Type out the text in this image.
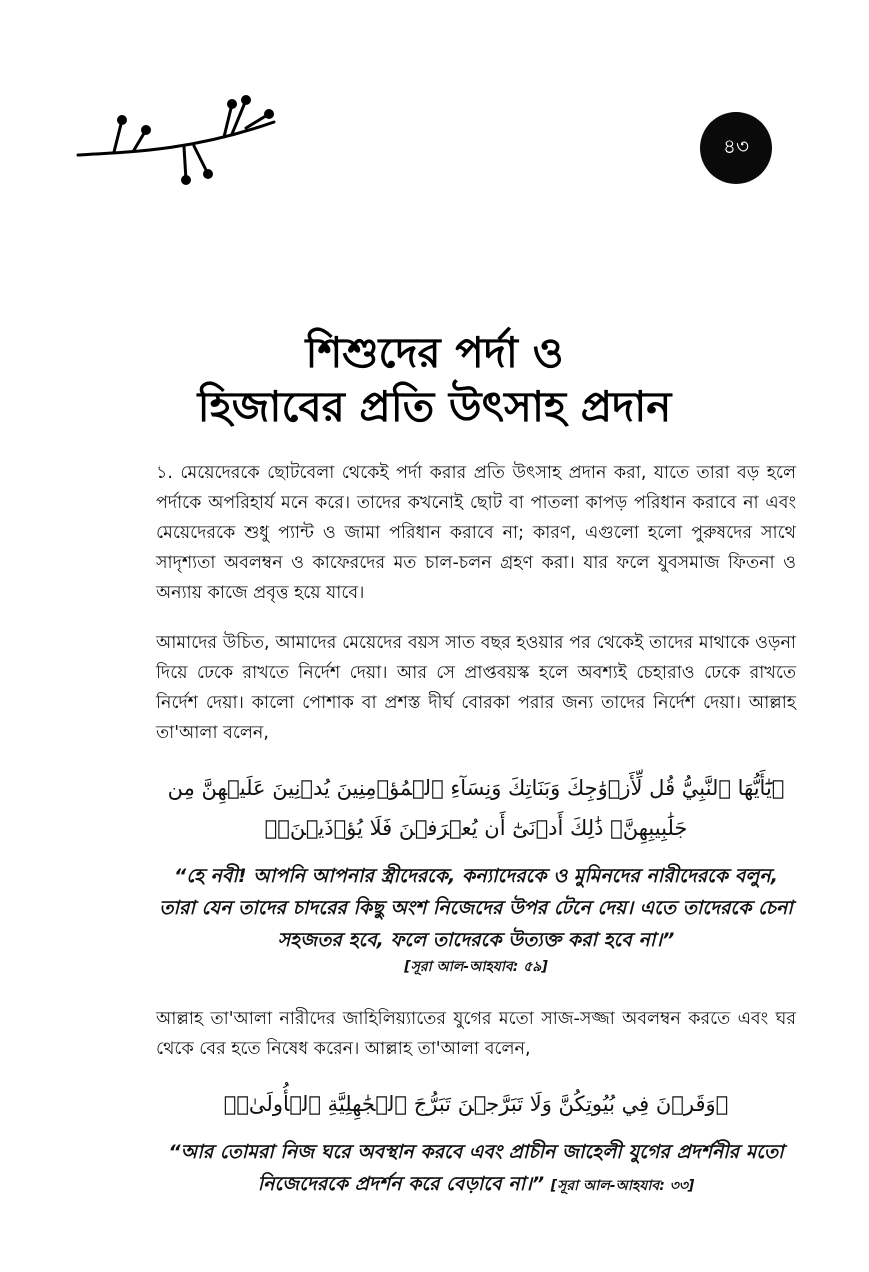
৪৩
শিশুদের পর্দা ও
হিজাবের প্রতি উৎসাহ প্রদান

১. মেয়েদেরকে ছোটবেলা থেকেই পর্দা করার প্রতি উৎসাহ প্রদান করা, যাতে তারা বড় হলে পর্দাকে অপরিহার্য মনে করে। তাদের কখনোই ছোট বা পাতলা কাপড় পরিধান করাবে না এবং মেয়েদেরকে শুধু প্যান্ট ও জামা পরিধান করাবে না; কারণ, এগুলো হলো পুরুষদের সাথে সাদৃশ্যতা অবলম্বন ও কাফেরদের মত চাল-চলন গ্রহণ করা। যার ফলে যুবসমাজ ফিতনা ও অন্যায় কাজে প্রবৃত্ত হয়ে যাবে।

আমাদের উচিত, আমাদের মেয়েদের বয়স সাত বছর হওয়ার পর থেকেই তাদের মাথাকে ওড়না দিয়ে ঢেকে রাখতে নির্দেশ দেয়া। আর সে প্রাপ্তবয়স্ক হলে অবশ্যই চেহারাও ঢেকে রাখতে নির্দেশ দেয়া। কালো পোশাক বা প্রশস্ত দীর্ঘ বোরকা পরার জন্য তাদের নির্দেশ দেয়া। আল্লাহ তা'আলা বলেন,

﴿يَٰٓأَيُّهَا ٱلنَّبِيُّ قُل لِّأَزۡوَٰجِكَ وَبَنَاتِكَ وَنِسَآءِ ٱلۡمُؤۡمِنِينَ يُدۡنِينَ عَلَيۡهِنَّ مِن جَلَٰبِيبِهِنَّۚ ذَٰلِكَ أَدۡنَىٰٓ أَن يُعۡرَفۡنَ فَلَا يُؤۡذَيۡنَۗ﴾

“হে নবী! আপনি আপনার স্ত্রীদেরকে, কন্যাদেরকে ও মুমিনদের নারীদেরকে বলুন, তারা যেন তাদের চাদরের কিছু অংশ নিজেদের উপর টেনে দেয়। এতে তাদেরকে চেনা সহজতর হবে, ফলে তাদেরকে উত্যক্ত করা হবে না।”

[সূরা আল-আহযাব: ৫৯]

আল্লাহ তা'আলা নারীদের জাহিলিয়্যাতের যুগের মতো সাজ-সজ্জা অবলম্বন করতে এবং ঘর থেকে বের হতে নিষেধ করেন। আল্লাহ তা'আলা বলেন,

﴿وَقَرۡنَ فِي بُيُوتِكُنَّ وَلَا تَبَرَّجۡنَ تَبَرُّجَ ٱلۡجَٰهِلِيَّةِ ٱلۡأُولَىٰۖ﴾

“আর তোমরা নিজ ঘরে অবস্থান করবে এবং প্রাচীন জাহেলী যুগের প্রদর্শনীর মতো নিজেদেরকে প্রদর্শন করে বেড়াবে না।” [সূরা আল-আহযাব: ৩৩]
